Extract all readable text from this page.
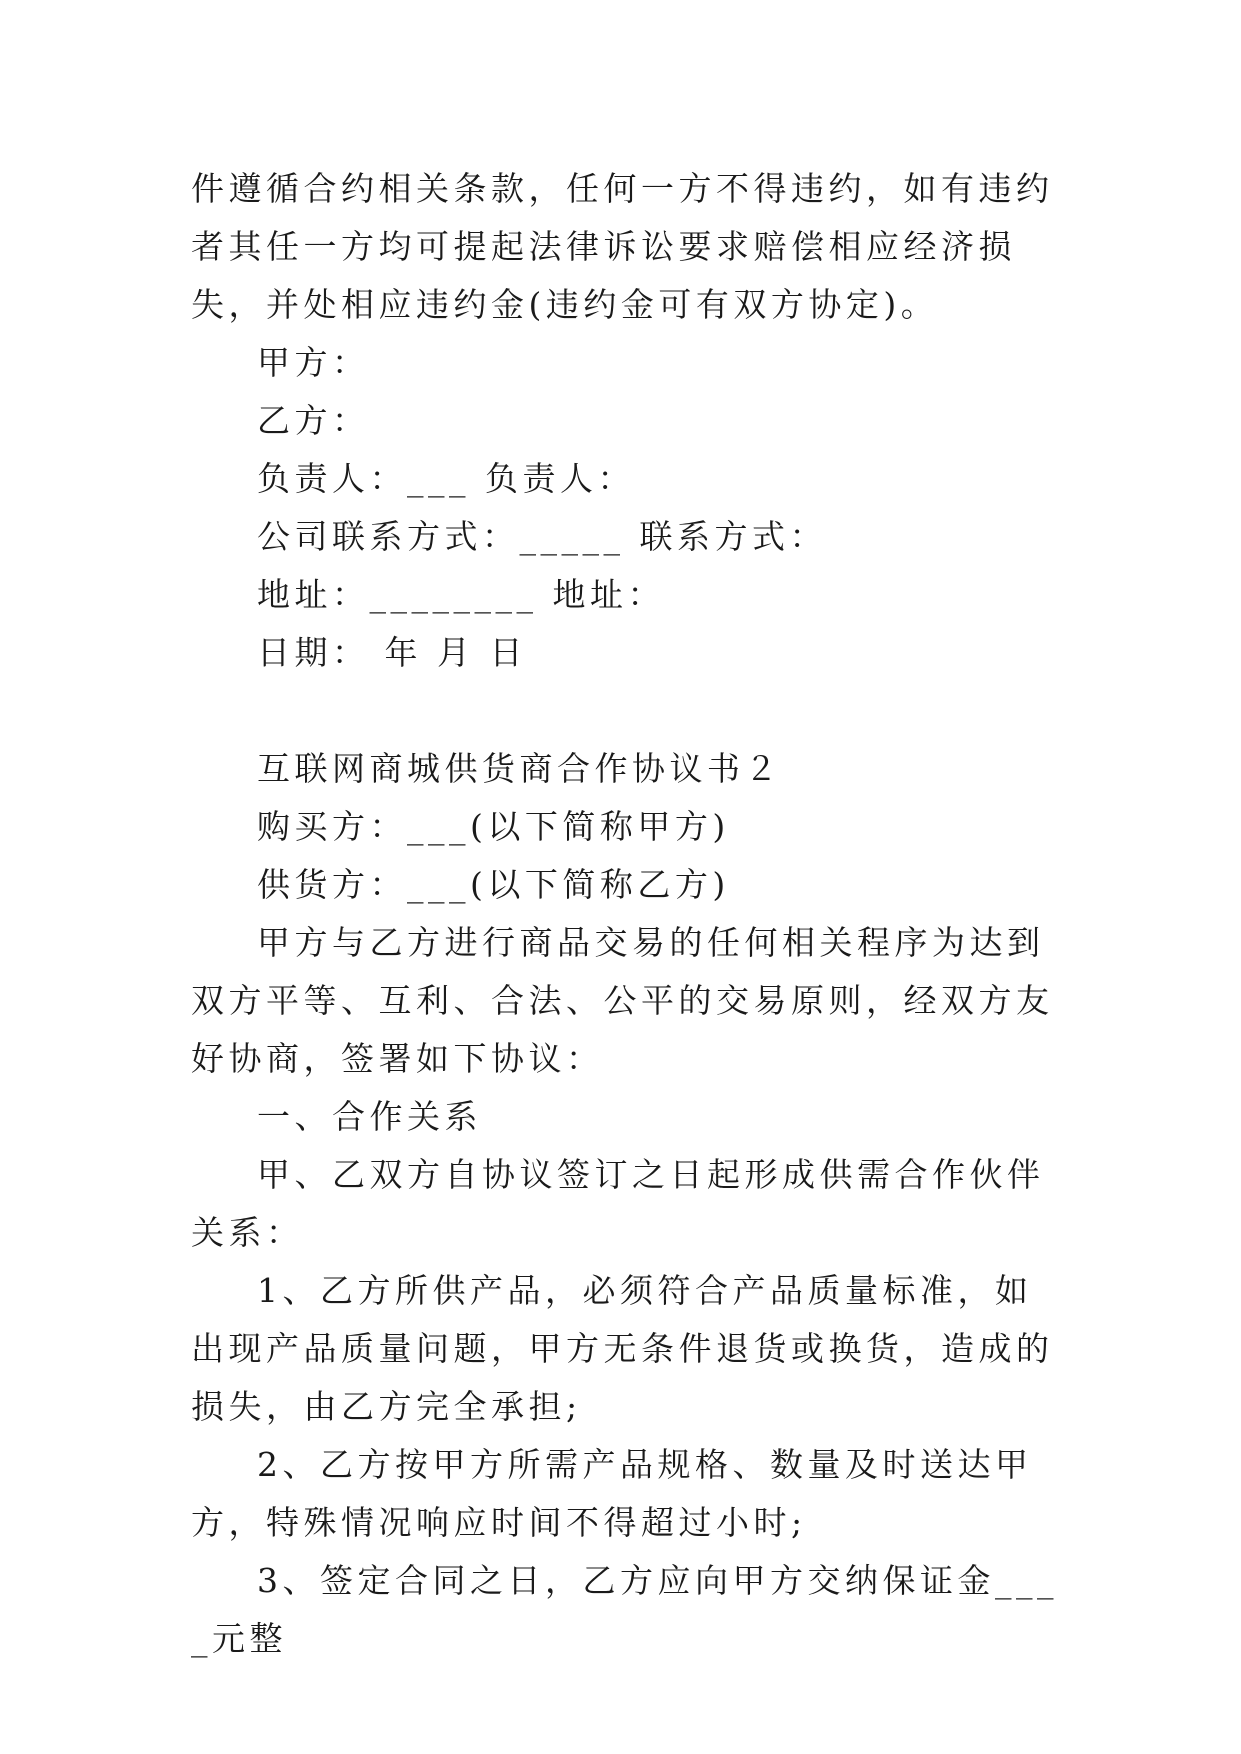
件遵循合约相关条款，任何一方不得违约，如有违约者其任一方均可提起法律诉讼要求赔偿相应经济损失，并处相应违约金(违约金可有双方协定)。

甲方：

乙方：

负责人：___ 负责人：

公司联系方式：_____ 联系方式：

地址：________ 地址：

日期： 年 月 日

互联网商城供货商合作协议书２

购买方：___(以下简称甲方)

供货方：___(以下简称乙方)

甲方与乙方进行商品交易的任何相关程序为达到双方平等、互利、合法、公平的交易原则，经双方友好协商，签署如下协议：

一、合作关系

甲、乙双方自协议签订之日起形成供需合作伙伴关系：

1、乙方所供产品，必须符合产品质量标准，如出现产品质量问题，甲方无条件退货或换货，造成的损失，由乙方完全承担;

2、乙方按甲方所需产品规格、数量及时送达甲方，特殊情况响应时间不得超过小时;

3、签定合同之日，乙方应向甲方交纳保证金____元整
